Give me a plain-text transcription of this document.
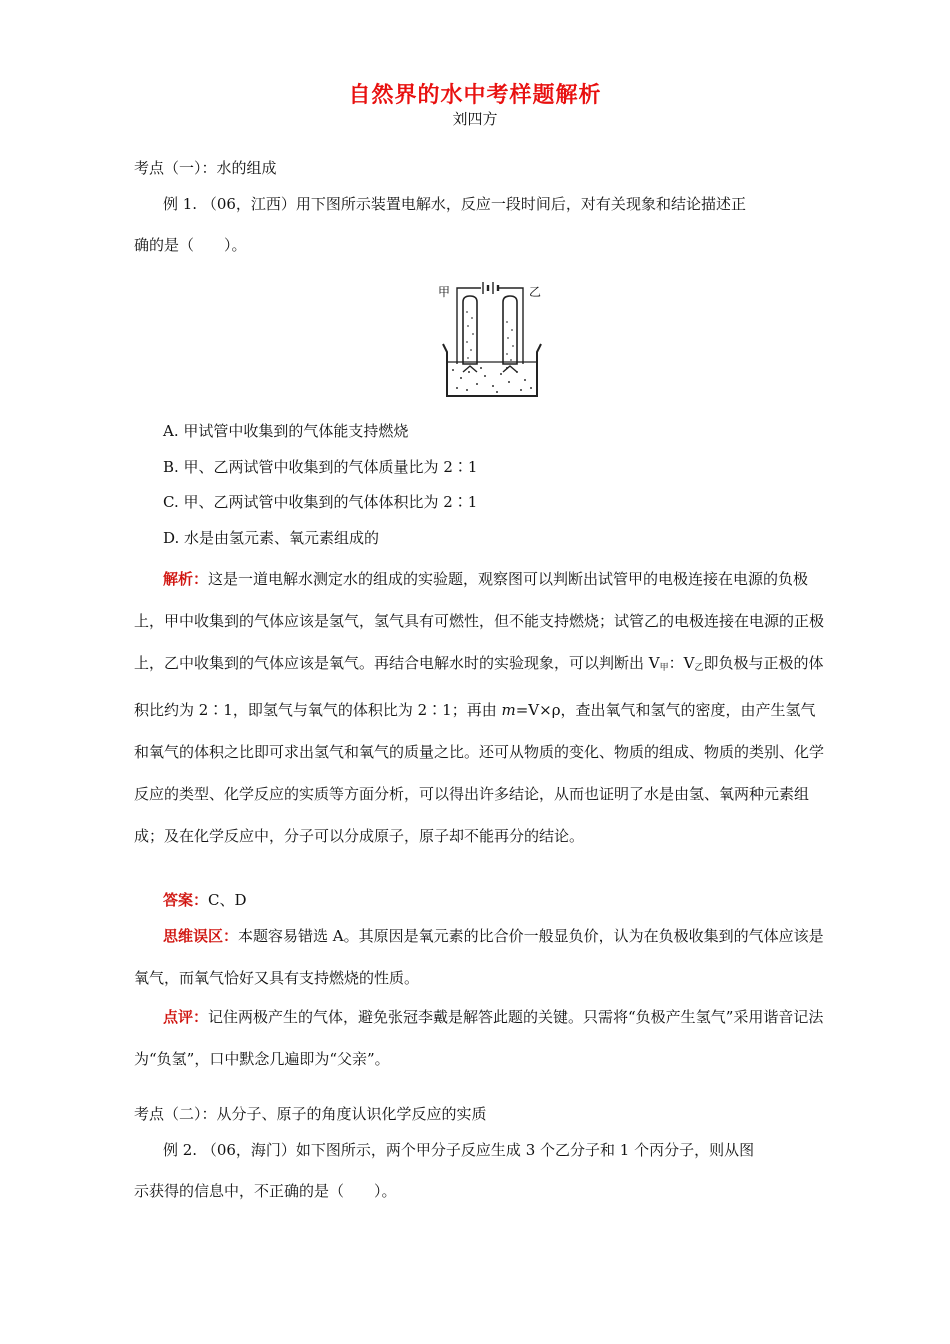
自然界的水中考样题解析
刘四方
考点（一）：水的组成
例 1. （06，江西）用下图所示装置电解水，反应一段时间后，对有关现象和结论描述正
确的是（　　）。
甲	乙
A. 甲试管中收集到的气体能支持燃烧
B. 甲、乙两试管中收集到的气体质量比为 2∶1
C. 甲、乙两试管中收集到的气体体积比为 2∶1
D. 水是由氢元素、氧元素组成的
解析：这是一道电解水测定水的组成的实验题，观察图可以判断出试管甲的电极连接在电源的负极上，甲中收集到的气体应该是氢气，氢气具有可燃性，但不能支持燃烧；试管乙的电极连接在电源的正极上，乙中收集到的气体应该是氧气。再结合电解水时的实验现象，可以判断出 $V_甲$：$V_乙$即负极与正极的体积比约为 2∶1，即氢气与氧气的体积比为 2∶1；再由 m=V×ρ，查出氧气和氢气的密度，由产生氢气和氧气的体积之比即可求出氢气和氧气的质量之比。还可从物质的变化、物质的组成、物质的类别、化学反应的类型、化学反应的实质等方面分析，可以得出许多结论，从而也证明了水是由氢、氧两种元素组成；及在化学反应中，分子可以分成原子，原子却不能再分的结论。
答案：C、D
思维误区：本题容易错选 A。其原因是氧元素的比合价一般显负价，认为在负极收集到的气体应该是氧气，而氧气恰好又具有支持燃烧的性质。
点评：记住两极产生的气体，避免张冠李戴是解答此题的关键。只需将“负极产生氢气”采用谐音记法为“负氢”，口中默念几遍即为“父亲”。
考点（二）：从分子、原子的角度认识化学反应的实质
例 2. （06，海门）如下图所示，两个甲分子反应生成 3 个乙分子和 1 个丙分子，则从图
示获得的信息中，不正确的是（　　）。
